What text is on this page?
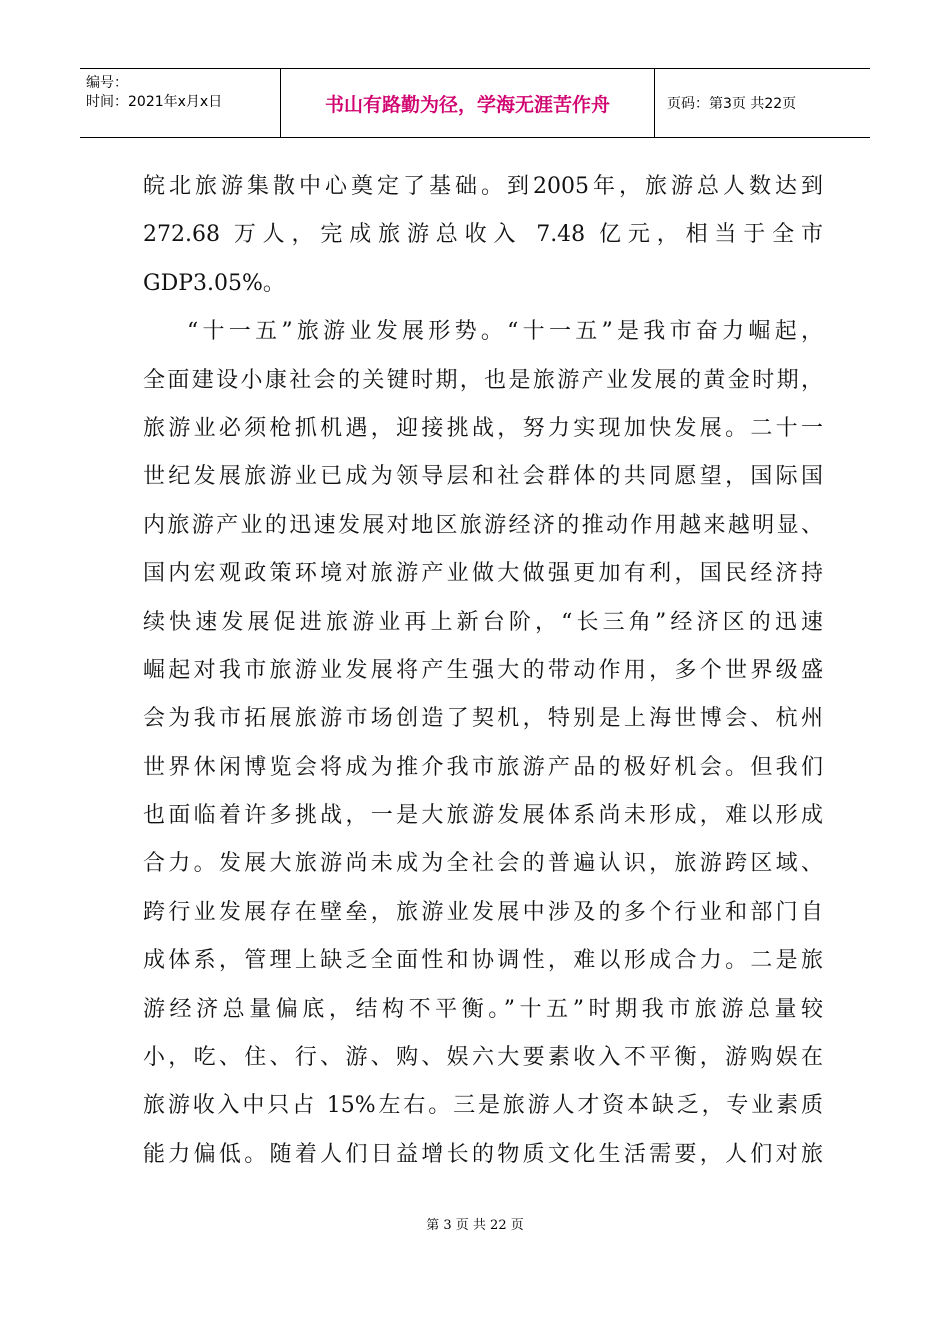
编号：
时间：2021年x月x日	书山有路勤为径，学海无涯苦作舟	页码：第3页 共22页
皖北旅游集散中心奠定了基础。到2005年，旅游总人数达到
272.68 万人，完成旅游总收入 7.48 亿元，相当于全市
GDP3.05%。
“十一五”旅游业发展形势。“十一五”是我市奋力崛起，
全面建设小康社会的关键时期，也是旅游产业发展的黄金时期，
旅游业必须枪抓机遇，迎接挑战，努力实现加快发展。二十一
世纪发展旅游业已成为领导层和社会群体的共同愿望，国际国
内旅游产业的迅速发展对地区旅游经济的推动作用越来越明显、
国内宏观政策环境对旅游产业做大做强更加有利，国民经济持
续快速发展促进旅游业再上新台阶，“长三角”经济区的迅速
崛起对我市旅游业发展将产生强大的带动作用，多个世界级盛
会为我市拓展旅游市场创造了契机，特别是上海世博会、杭州
世界休闲博览会将成为推介我市旅游产品的极好机会。但我们
也面临着许多挑战，一是大旅游发展体系尚未形成，难以形成
合力。发展大旅游尚未成为全社会的普遍认识，旅游跨区域、
跨行业发展存在壁垒，旅游业发展中涉及的多个行业和部门自
成体系，管理上缺乏全面性和协调性，难以形成合力。二是旅
游经济总量偏底，结构不平衡。”十五”时期我市旅游总量较
小，吃、住、行、游、购、娱六大要素收入不平衡，游购娱在
旅游收入中只占 15%左右。三是旅游人才资本缺乏，专业素质
能力偏低。随着人们日益增长的物质文化生活需要，人们对旅
第 3 页 共 22 页
